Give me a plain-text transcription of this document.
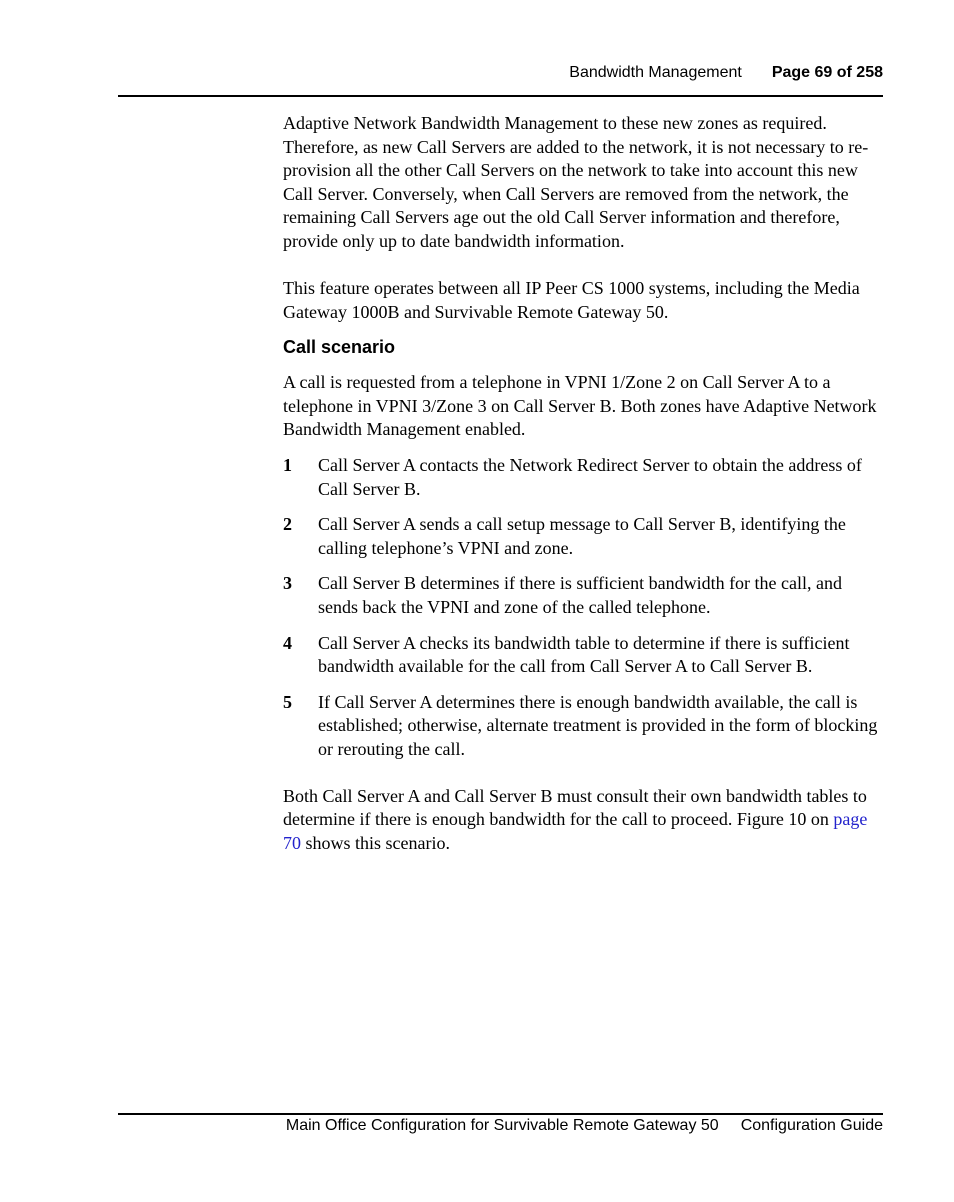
Bandwidth Management Page 69 of 258

Adaptive Network Bandwidth Management to these new zones as required. Therefore, as new Call Servers are added to the network, it is not necessary to re-provision all the other Call Servers on the network to take into account this new Call Server. Conversely, when Call Servers are removed from the network, the remaining Call Servers age out the old Call Server information and therefore, provide only up to date bandwidth information.

This feature operates between all IP Peer CS 1000 systems, including the Media Gateway 1000B and Survivable Remote Gateway 50.

Call scenario

A call is requested from a telephone in VPNI 1/Zone 2 on Call Server A to a telephone in VPNI 3/Zone 3 on Call Server B. Both zones have Adaptive Network Bandwidth Management enabled.

1	Call Server A contacts the Network Redirect Server to obtain the address of Call Server B.
2	Call Server A sends a call setup message to Call Server B, identifying the calling telephone’s VPNI and zone.
3	Call Server B determines if there is sufficient bandwidth for the call, and sends back the VPNI and zone of the called telephone.
4	Call Server A checks its bandwidth table to determine if there is sufficient bandwidth available for the call from Call Server A to Call Server B.
5	If Call Server A determines there is enough bandwidth available, the call is established; otherwise, alternate treatment is provided in the form of blocking or rerouting the call.

Both Call Server A and Call Server B must consult their own bandwidth tables to determine if there is enough bandwidth for the call to proceed. Figure 10 on page 70 shows this scenario.

Main Office Configuration for Survivable Remote Gateway 50 Configuration Guide
